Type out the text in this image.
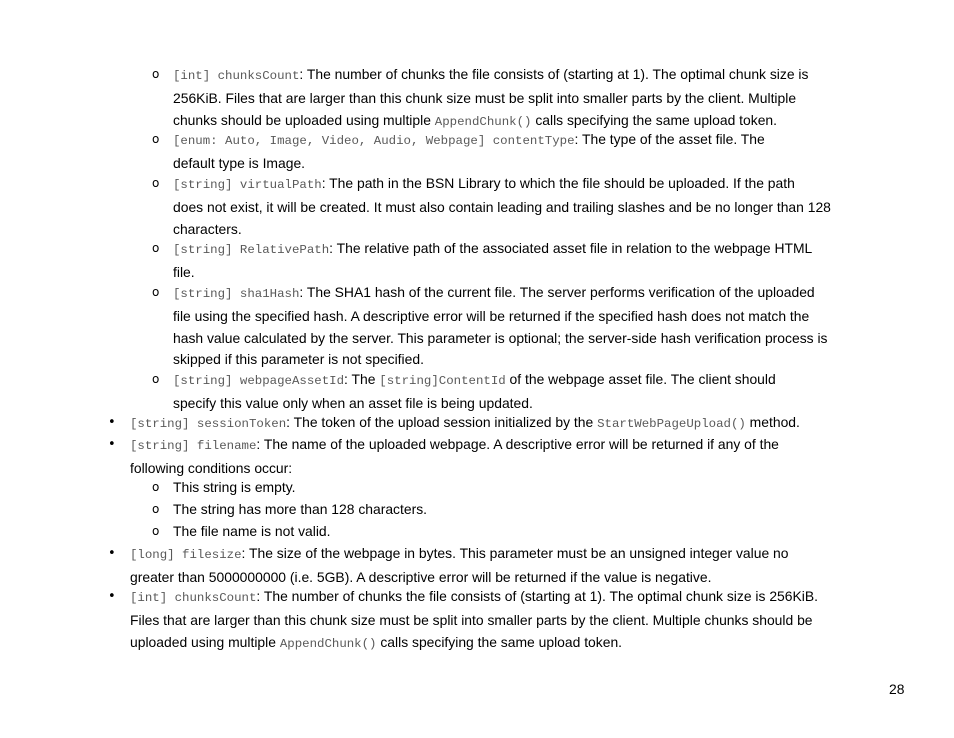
o [int] chunksCount: The number of chunks the file consists of (starting at 1). The optimal chunk size is
256KiB. Files that are larger than this chunk size must be split into smaller parts by the client. Multiple
chunks should be uploaded using multiple AppendChunk() calls specifying the same upload token.
o [enum: Auto, Image, Video, Audio, Webpage] contentType: The type of the asset file. The
default type is Image.
o [string] virtualPath: The path in the BSN Library to which the file should be uploaded. If the path
does not exist, it will be created. It must also contain leading and trailing slashes and be no longer than 128
characters.
o [string] RelativePath: The relative path of the associated asset file in relation to the webpage HTML
file.
o [string] sha1Hash: The SHA1 hash of the current file. The server performs verification of the uploaded
file using the specified hash. A descriptive error will be returned if the specified hash does not match the
hash value calculated by the server. This parameter is optional; the server-side hash verification process is
skipped if this parameter is not specified.
o [string] webpageAssetId: The [string]ContentId of the webpage asset file. The client should
specify this value only when an asset file is being updated.
• [string] sessionToken: The token of the upload session initialized by the StartWebPageUpload() method.
• [string] filename: The name of the uploaded webpage. A descriptive error will be returned if any of the
following conditions occur:
o This string is empty.
o The string has more than 128 characters.
o The file name is not valid.
• [long] filesize: The size of the webpage in bytes. This parameter must be an unsigned integer value no
greater than 5000000000 (i.e. 5GB). A descriptive error will be returned if the value is negative.
• [int] chunksCount: The number of chunks the file consists of (starting at 1). The optimal chunk size is 256KiB.
Files that are larger than this chunk size must be split into smaller parts by the client. Multiple chunks should be
uploaded using multiple AppendChunk() calls specifying the same upload token.
28
